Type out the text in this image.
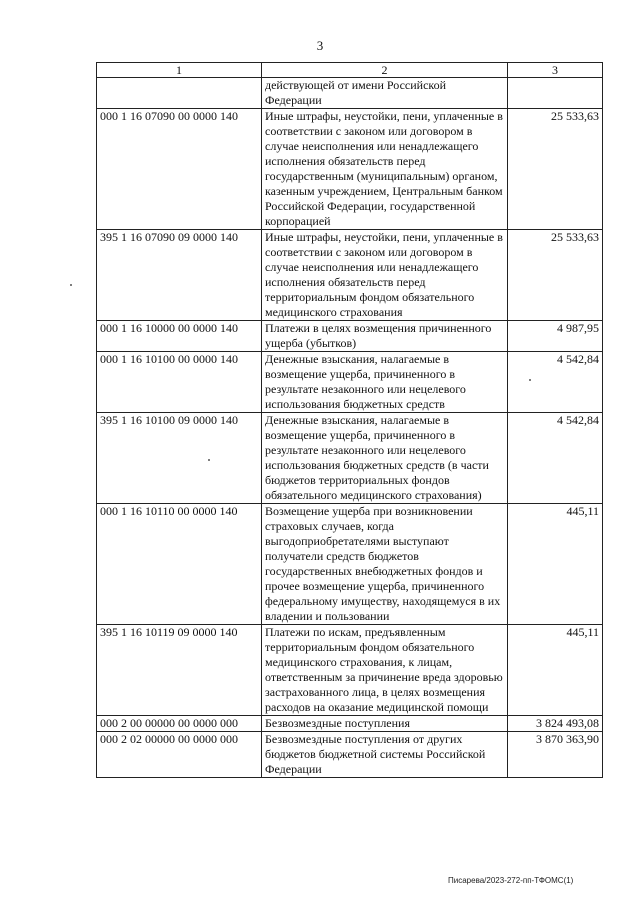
3
1	2	3
	действующей от имени Российской Федерации	
000 1 16 07090 00 0000 140	Иные штрафы, неустойки, пени, уплаченные в соответствии с законом или договором в случае неисполнения или ненадлежащего исполнения обязательств перед государственным (муниципальным) органом, казенным учреждением, Центральным банком Российской Федерации, государственной корпорацией	25 533,63
395 1 16 07090 09 0000 140	Иные штрафы, неустойки, пени, уплаченные в соответствии с законом или договором в случае неисполнения или ненадлежащего исполнения обязательств перед территориальным фондом обязательного медицинского страхования	25 533,63
000 1 16 10000 00 0000 140	Платежи в целях возмещения причиненного ущерба (убытков)	4 987,95
000 1 16 10100 00 0000 140	Денежные взыскания, налагаемые в возмещение ущерба, причиненного в результате незаконного или нецелевого использования бюджетных средств	4 542,84
395 1 16 10100 09 0000 140	Денежные взыскания, налагаемые в возмещение ущерба, причиненного в результате незаконного или нецелевого использования бюджетных средств (в части бюджетов территориальных фондов обязательного медицинского страхования)	4 542,84
000 1 16 10110 00 0000 140	Возмещение ущерба при возникновении страховых случаев, когда выгодоприобретателями выступают получатели средств бюджетов государственных внебюджетных фондов и прочее возмещение ущерба, причиненного федеральному имуществу, находящемуся в их владении и пользовании	445,11
395 1 16 10119 09 0000 140	Платежи по искам, предъявленным территориальным фондом обязательного медицинского страхования, к лицам, ответственным за причинение вреда здоровью застрахованного лица, в целях возмещения расходов на оказание медицинской помощи	445,11
000 2 00 00000 00 0000 000	Безвозмездные поступления	3 824 493,08
000 2 02 00000 00 0000 000	Безвозмездные поступления от других бюджетов бюджетной системы Российской Федерации	3 870 363,90
Писарева/2023-272-пп-ТФОМС(1)
